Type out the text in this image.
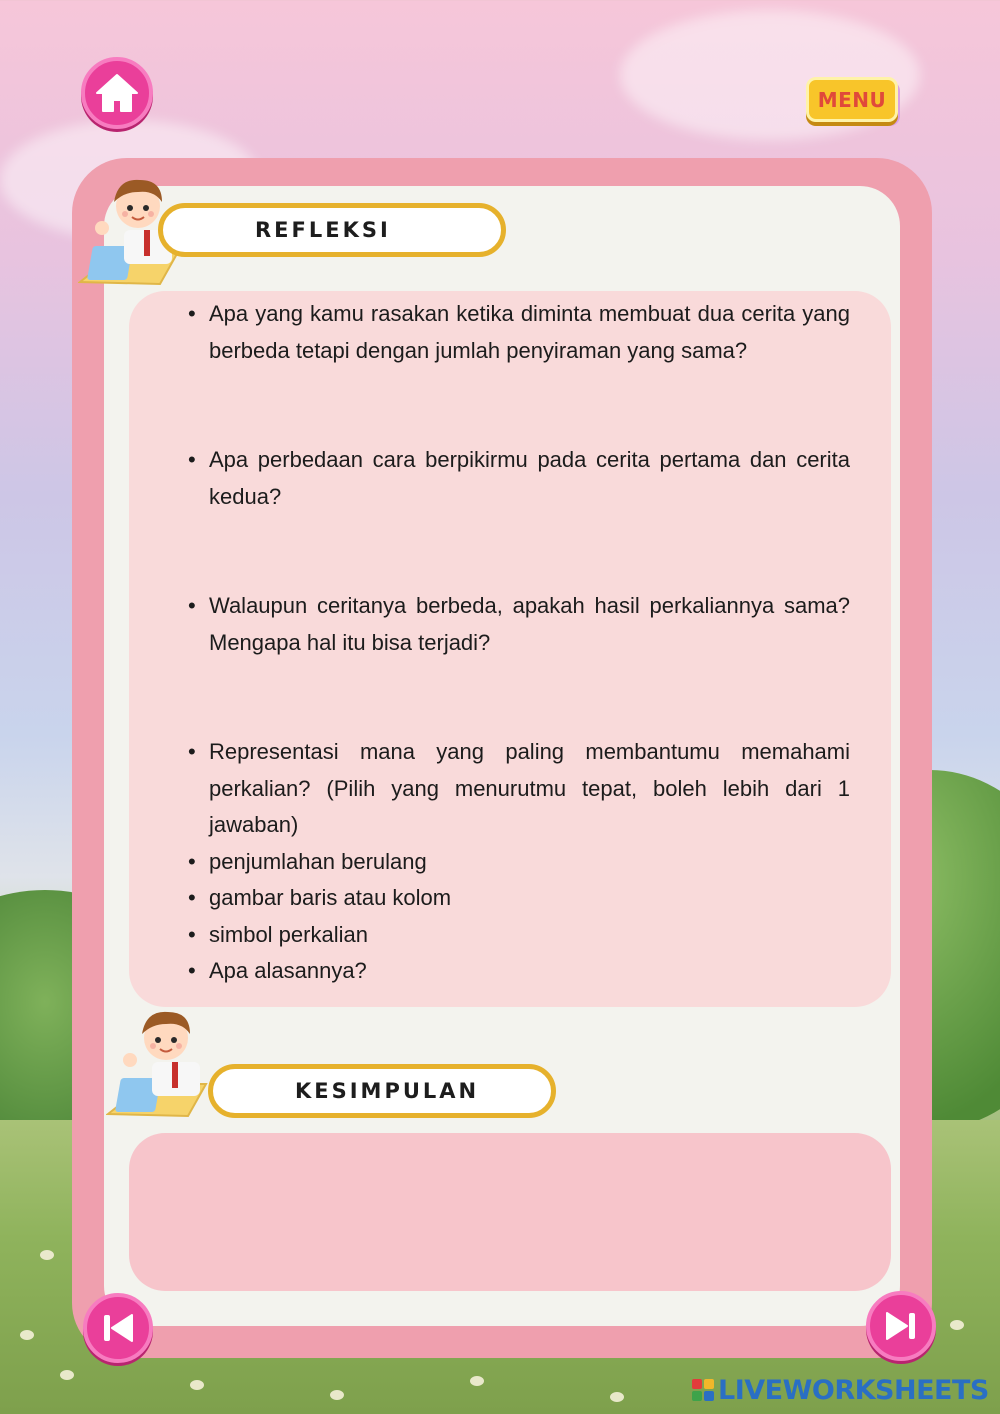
MENU
REFLEKSI
• Apa yang kamu rasakan ketika diminta membuat dua cerita yang berbeda tetapi dengan jumlah penyiraman yang sama?
• Apa perbedaan cara berpikirmu pada cerita pertama dan cerita kedua?
• Walaupun ceritanya berbeda, apakah hasil perkaliannya sama? Mengapa hal itu bisa terjadi?
• Representasi mana yang paling membantumu memahami perkalian? (Pilih yang menurutmu tepat, boleh lebih dari 1 jawaban)
• penjumlahan berulang
• gambar baris atau kolom
• simbol perkalian
• Apa alasannya?
KESIMPULAN
LIVEWORKSHEETS
